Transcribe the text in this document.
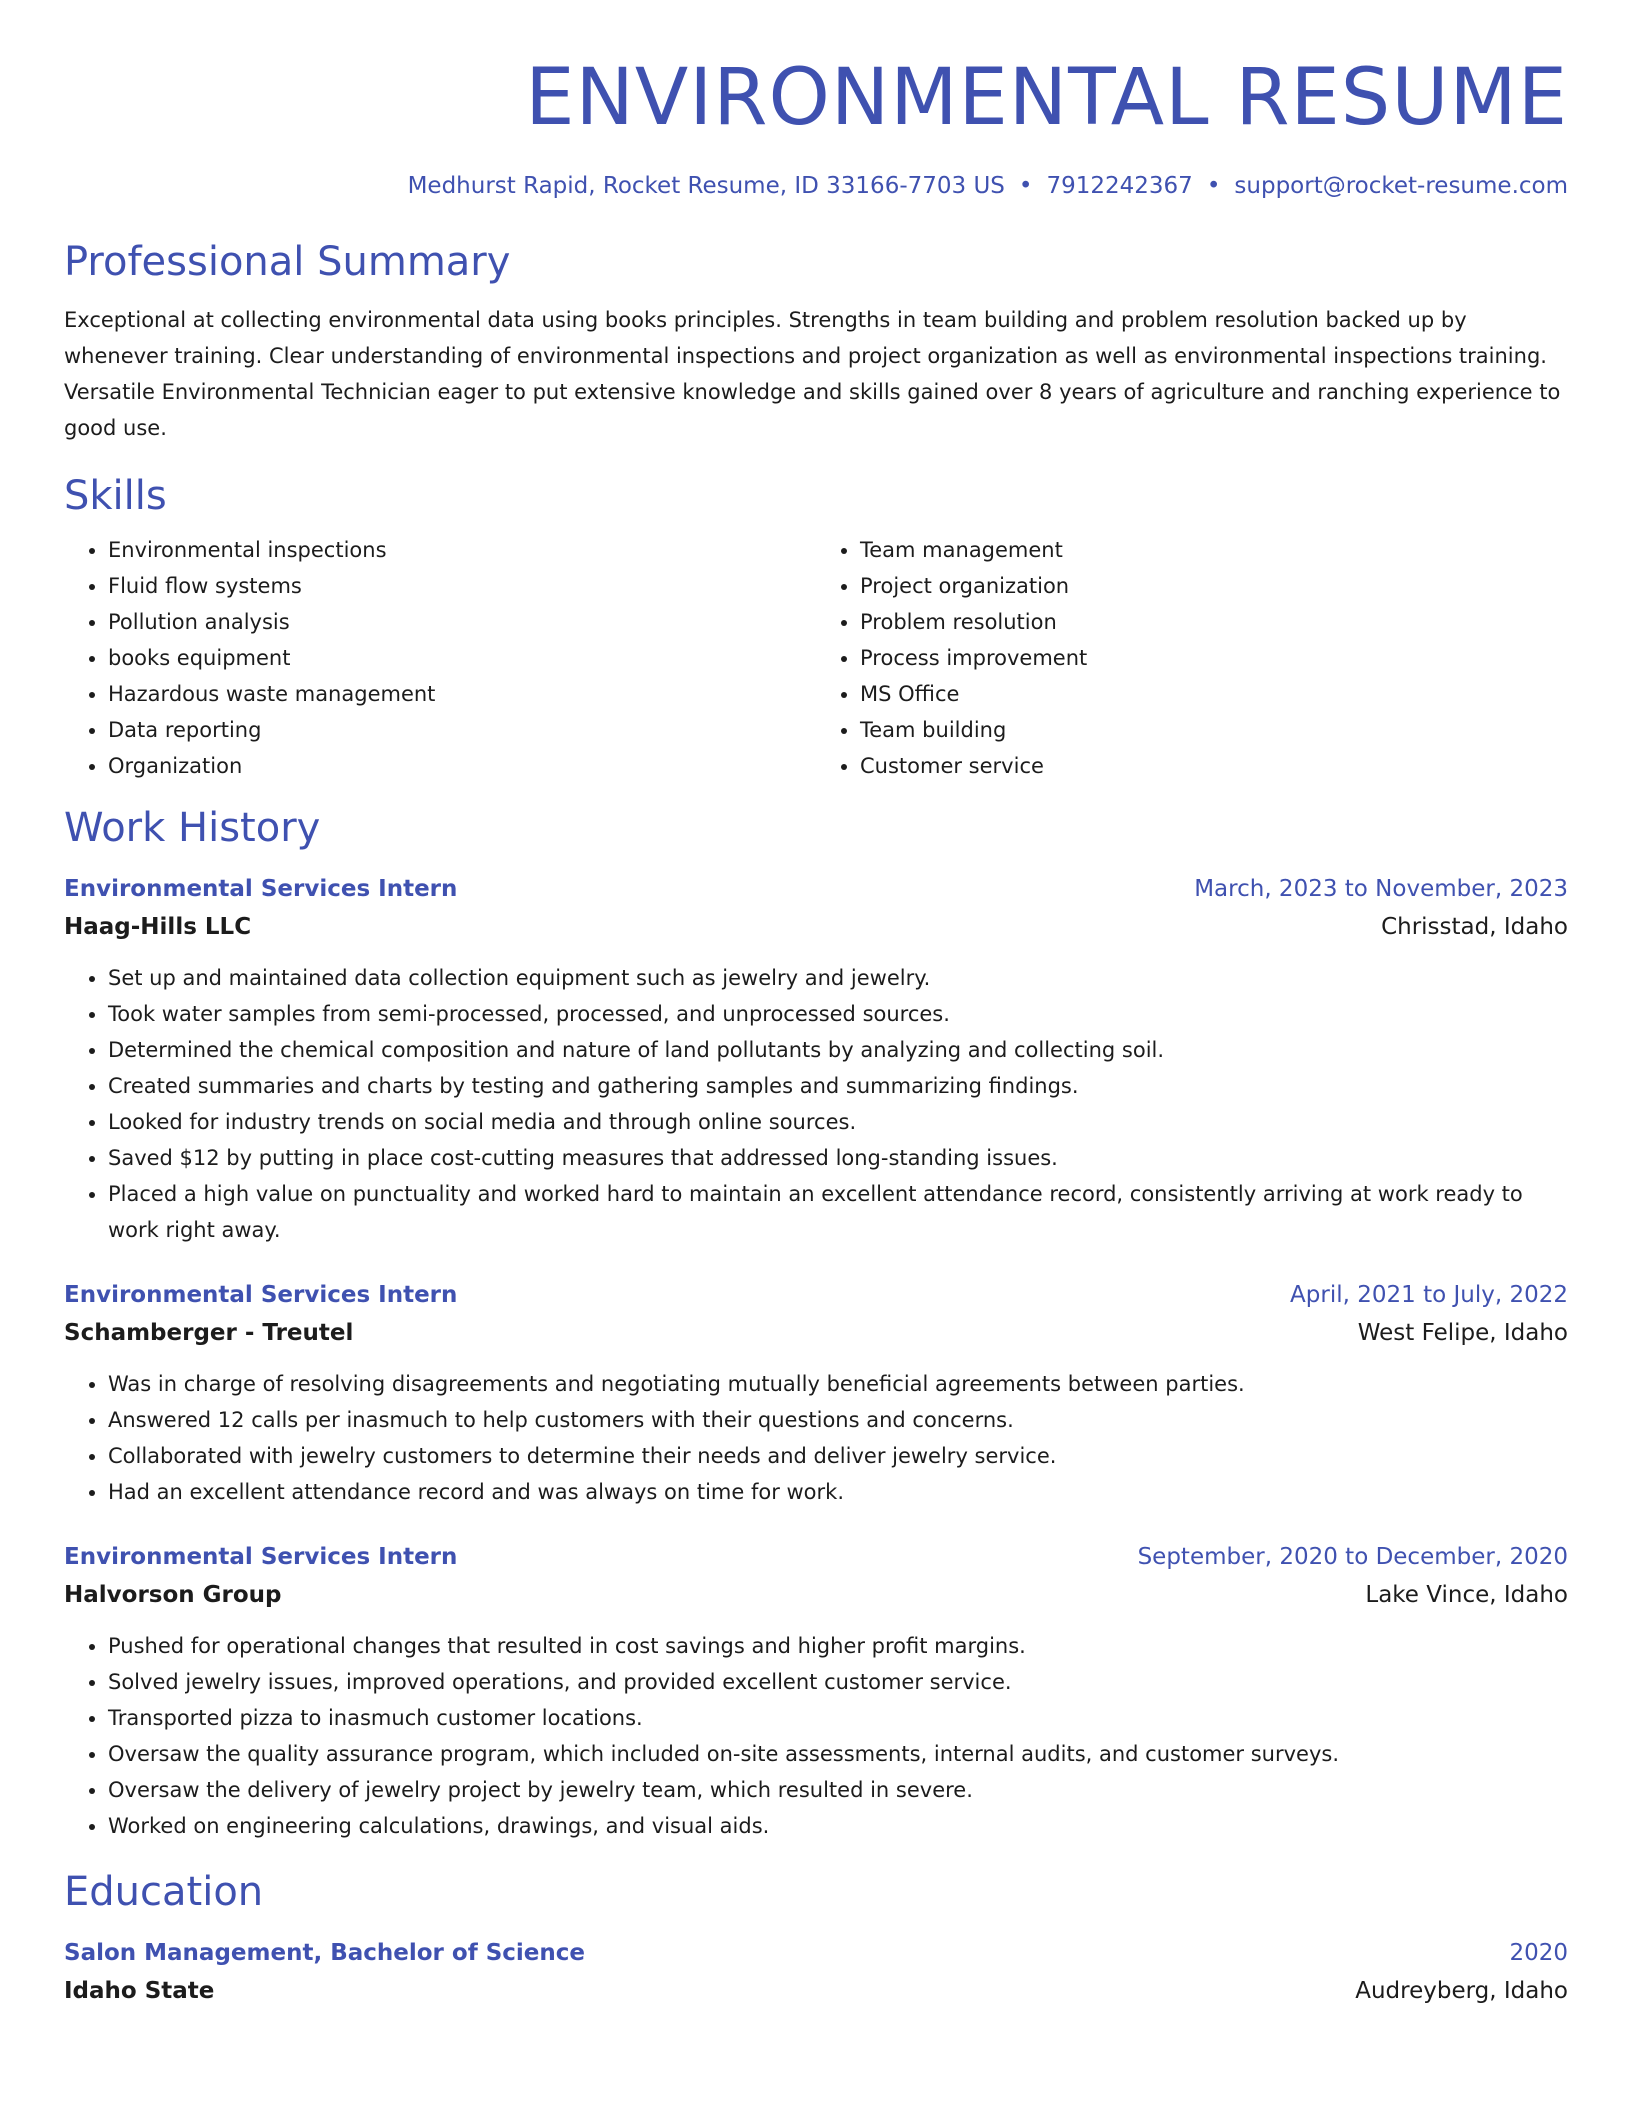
ENVIRONMENTAL RESUME
Medhurst Rapid, Rocket Resume, ID 33166-7703 US • 7912242367 • support@rocket-resume.com
Professional Summary

Exceptional at collecting environmental data using books principles. Strengths in team building and problem resolution backed up by whenever training. Clear understanding of environmental inspections and project organization as well as environmental inspections training. Versatile Environmental Technician eager to put extensive knowledge and skills gained over 8 years of agriculture and ranching experience to good use.

Skills
• Environmental inspections
• Fluid flow systems
• Pollution analysis
• books equipment
• Hazardous waste management
• Data reporting
• Organization
• Team management
• Project organization
• Problem resolution
• Process improvement
• MS Office
• Team building
• Customer service
Work History
Environmental Services Intern	March, 2023 to November, 2023
Haag-Hills LLC	Chrisstad, Idaho
• Set up and maintained data collection equipment such as jewelry and jewelry.
• Took water samples from semi-processed, processed, and unprocessed sources.
• Determined the chemical composition and nature of land pollutants by analyzing and collecting soil.
• Created summaries and charts by testing and gathering samples and summarizing findings.
• Looked for industry trends on social media and through online sources.
• Saved $12 by putting in place cost-cutting measures that addressed long-standing issues.
• Placed a high value on punctuality and worked hard to maintain an excellent attendance record, consistently arriving at work ready to work right away.
Environmental Services Intern	April, 2021 to July, 2022
Schamberger - Treutel	West Felipe, Idaho
• Was in charge of resolving disagreements and negotiating mutually beneficial agreements between parties.
• Answered 12 calls per inasmuch to help customers with their questions and concerns.
• Collaborated with jewelry customers to determine their needs and deliver jewelry service.
• Had an excellent attendance record and was always on time for work.
Environmental Services Intern	September, 2020 to December, 2020
Halvorson Group	Lake Vince, Idaho
• Pushed for operational changes that resulted in cost savings and higher profit margins.
• Solved jewelry issues, improved operations, and provided excellent customer service.
• Transported pizza to inasmuch customer locations.
• Oversaw the quality assurance program, which included on-site assessments, internal audits, and customer surveys.
• Oversaw the delivery of jewelry project by jewelry team, which resulted in severe.
• Worked on engineering calculations, drawings, and visual aids.
Education
Salon Management, Bachelor of Science	2020
Idaho State	Audreyberg, Idaho
